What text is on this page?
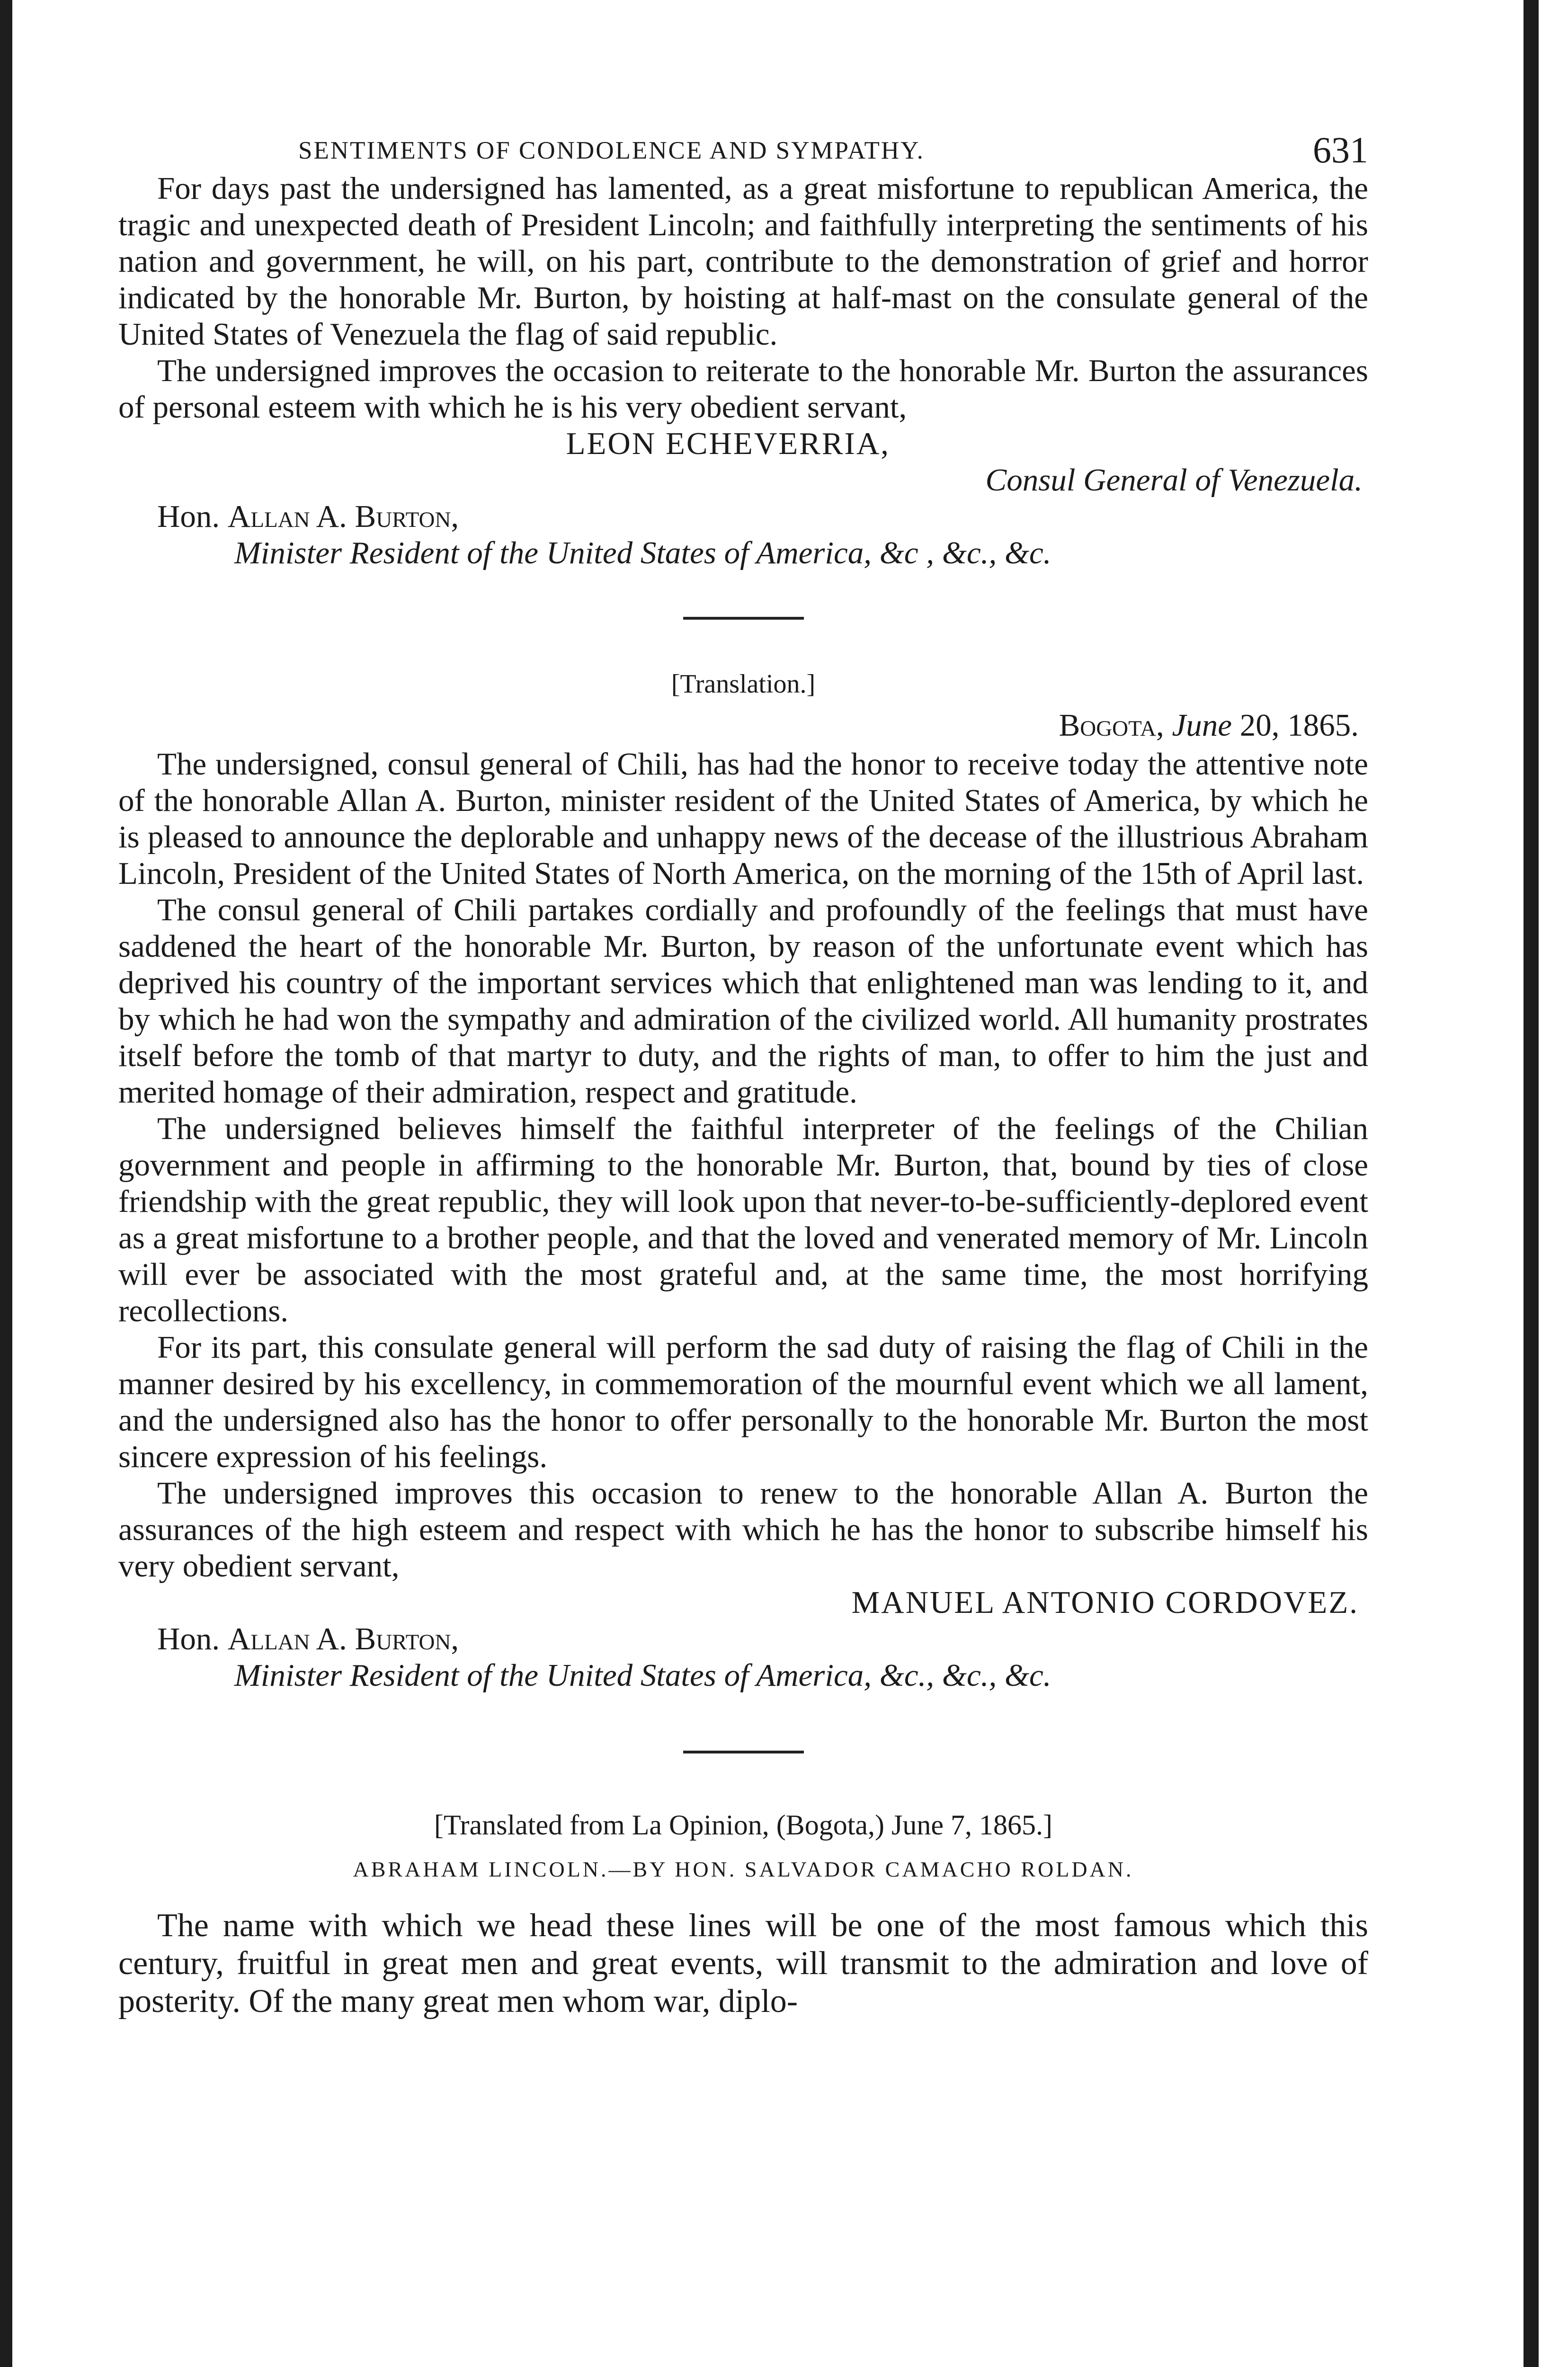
SENTIMENTS OF CONDOLENCE AND SYMPATHY.	631

For days past the undersigned has lamented, as a great misfortune to republican America, the tragic and unexpected death of President Lincoln; and faithfully interpreting the sentiments of his nation and government, he will, on his part, contribute to the demonstration of grief and horror indicated by the honorable Mr. Burton, by hoisting at half-mast on the consulate general of the United States of Venezuela the flag of said republic.

The undersigned improves the occasion to reiterate to the honorable Mr. Burton the assurances of personal esteem with which he is his very obedient servant,

LEON ECHEVERRIA,

Consul General of Venezuela.

Hon. Allan A. Burton,

Minister Resident of the United States of America, &c , &c., &c.

[Translation.]

Bogota, June 20, 1865.

The undersigned, consul general of Chili, has had the honor to receive today the attentive note of the honorable Allan A. Burton, minister resident of the United States of America, by which he is pleased to announce the deplorable and unhappy news of the decease of the illustrious Abraham Lincoln, President of the United States of North America, on the morning of the 15th of April last.

The consul general of Chili partakes cordially and profoundly of the feelings that must have saddened the heart of the honorable Mr. Burton, by reason of the unfortunate event which has deprived his country of the important services which that enlightened man was lending to it, and by which he had won the sympathy and admiration of the civilized world. All humanity prostrates itself before the tomb of that martyr to duty, and the rights of man, to offer to him the just and merited homage of their admiration, respect and gratitude.

The undersigned believes himself the faithful interpreter of the feelings of the Chilian government and people in affirming to the honorable Mr. Burton, that, bound by ties of close friendship with the great republic, they will look upon that never-to-be-sufficiently-deplored event as a great misfortune to a brother people, and that the loved and venerated memory of Mr. Lincoln will ever be associated with the most grateful and, at the same time, the most horrifying recollections.

For its part, this consulate general will perform the sad duty of raising the flag of Chili in the manner desired by his excellency, in commemoration of the mournful event which we all lament, and the undersigned also has the honor to offer personally to the honorable Mr. Burton the most sincere expression of his feelings.

The undersigned improves this occasion to renew to the honorable Allan A. Burton the assurances of the high esteem and respect with which he has the honor to subscribe himself his very obedient servant,

MANUEL ANTONIO CORDOVEZ.

Hon. Allan A. Burton,

Minister Resident of the United States of America, &c., &c., &c.

[Translated from La Opinion, (Bogota,) June 7, 1865.]

ABRAHAM LINCOLN.—BY HON. SALVADOR CAMACHO ROLDAN.

The name with which we head these lines will be one of the most famous which this century, fruitful in great men and great events, will transmit to the admiration and love of posterity. Of the many great men whom war, diplo-
